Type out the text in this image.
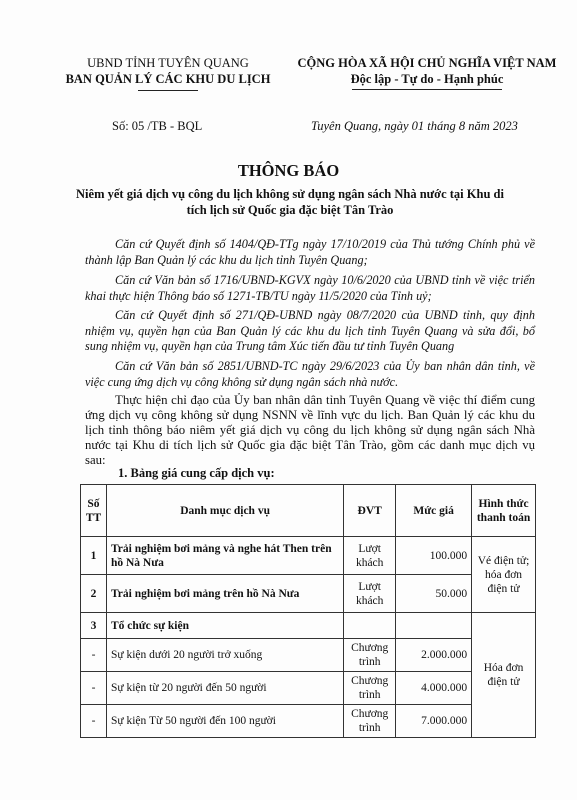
UBND TỈNH TUYÊN QUANG
BAN QUẢN LÝ CÁC KHU DU LỊCH
CỘNG HÒA XÃ HỘI CHỦ NGHĨA VIỆT NAM
Độc lập - Tự do - Hạnh phúc
Số: 05 /TB - BQL	Tuyên Quang, ngày 01 tháng 8 năm 2023
THÔNG BÁO
Niêm yết giá dịch vụ công du lịch không sử dụng ngân sách Nhà nước tại Khu di tích lịch sử Quốc gia đặc biệt Tân Trào
Căn cứ Quyết định số 1404/QĐ-TTg ngày 17/10/2019 của Thủ tướng Chính phủ về thành lập Ban Quản lý các khu du lịch tỉnh Tuyên Quang;
Căn cứ Văn bản số 1716/UBND-KGVX ngày 10/6/2020 của UBND tỉnh về việc triển khai thực hiện Thông báo số 1271-TB/TU ngày 11/5/2020 của Tỉnh uỷ;
Căn cứ Quyết định số 271/QĐ-UBND ngày 08/7/2020 của UBND tỉnh, quy định nhiệm vụ, quyền hạn của Ban Quản lý các khu du lịch tỉnh Tuyên Quang và sửa đổi, bổ sung nhiệm vụ, quyền hạn của Trung tâm Xúc tiến đầu tư tỉnh Tuyên Quang
Căn cứ Văn bản số 2851/UBND-TC ngày 29/6/2023 của Ủy ban nhân dân tỉnh, về việc cung ứng dịch vụ công không sử dụng ngân sách nhà nước.
Thực hiện chỉ đạo của Ủy ban nhân dân tỉnh Tuyên Quang về việc thí điểm cung ứng dịch vụ công không sử dụng NSNN về lĩnh vực du lịch. Ban Quản lý các khu du lịch tỉnh thông báo niêm yết giá dịch vụ công du lịch không sử dụng ngân sách Nhà nước tại Khu di tích lịch sử Quốc gia đặc biệt Tân Trào, gồm các danh mục dịch vụ sau:
1. Bảng giá cung cấp dịch vụ:
Số TT	Danh mục dịch vụ	ĐVT	Mức giá	Hình thức thanh toán
1	Trải nghiệm bơi mảng và nghe hát Then trên hồ Nà Nưa	Lượt khách	100.000	Vé điện tử; hóa đơn điện tử
2	Trải nghiệm bơi mảng trên hồ Nà Nưa	Lượt khách	50.000	
3	Tổ chức sự kiện			Hóa đơn điện tử
-	Sự kiện dưới 20 người trở xuống	Chương trình	2.000.000	
-	Sự kiện từ 20 người đến 50 người	Chương trình	4.000.000	
-	Sự kiện Từ 50 người đến 100 người	Chương trình	7.000.000	
